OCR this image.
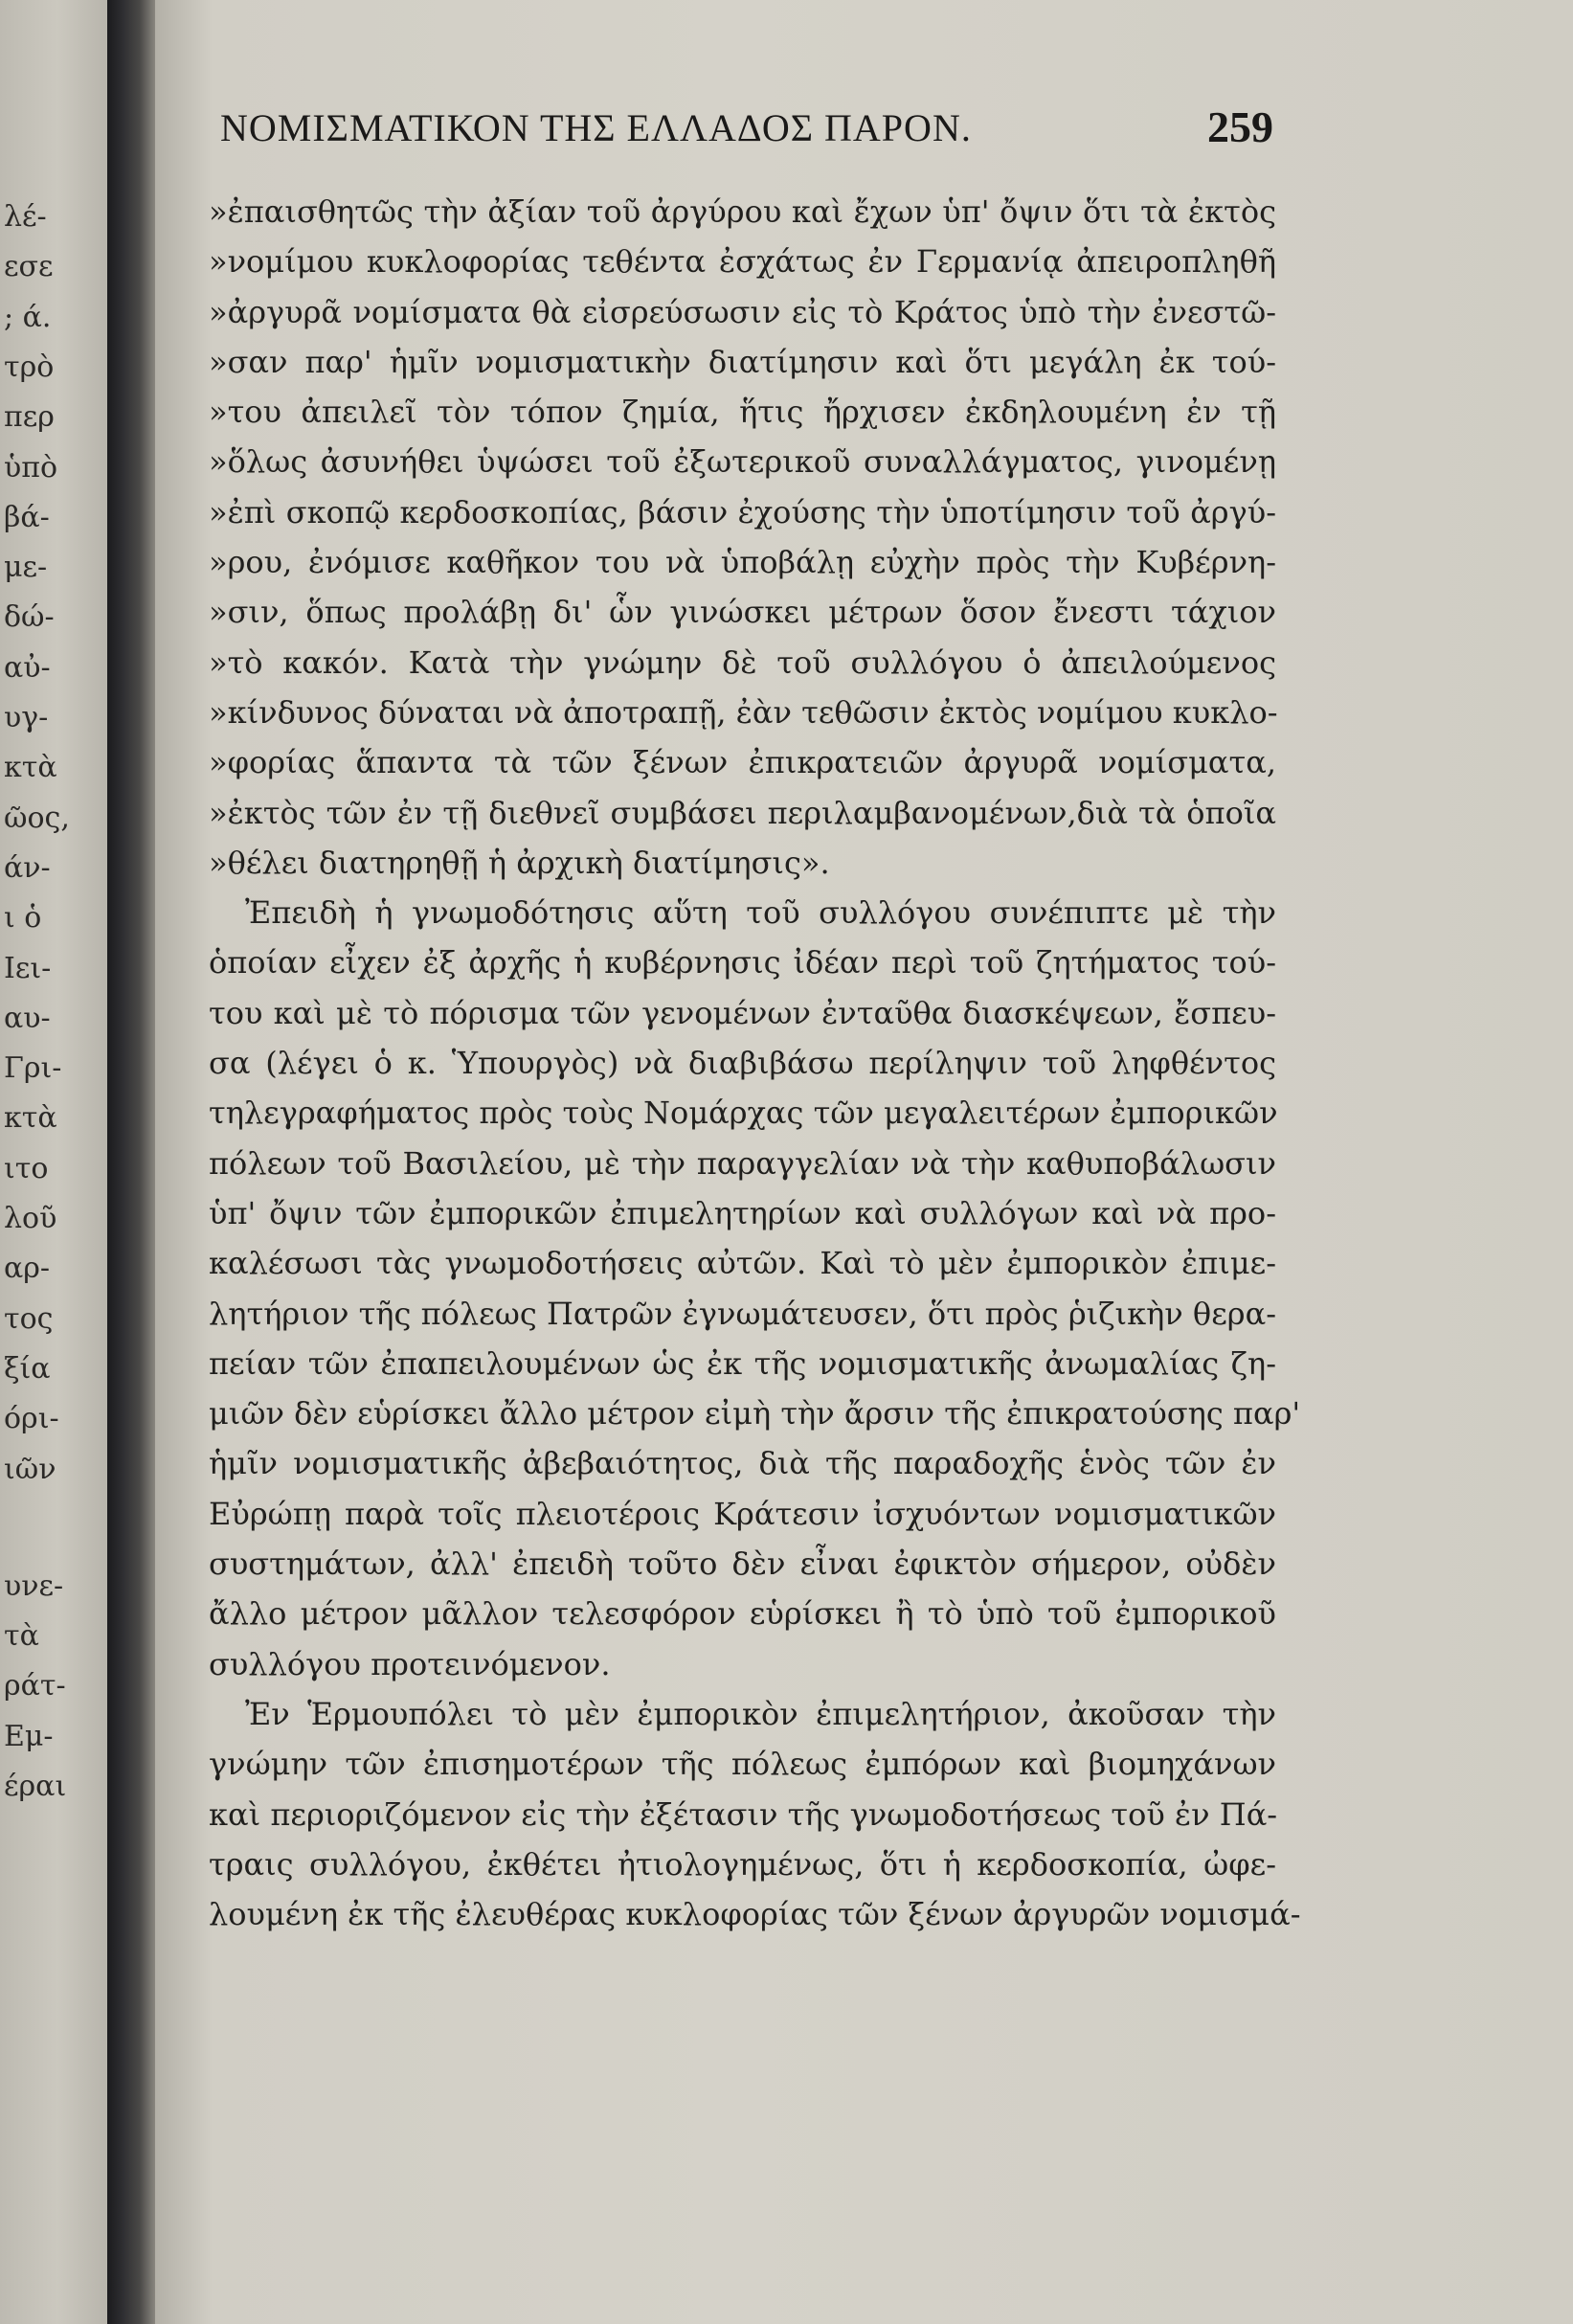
λέ-
εσε
; ά.
τρὸ
περ
ὑπὸ
βά-
με-
δώ-
αὐ-
υγ-
κτὰ
ῶος,
άν-
ι ὁ
Ιει-
αυ-
Γρι-
κτὰ
ιτο
λοῦ
αρ-
τος
ξία
όρι-
ιῶν
υνε-
τὰ
ράτ-
Εμ-
έραι
ΝΟΜΙΣΜΑΤΙΚΟΝ ΤΗΣ ΕΛΛΑΔΟΣ ΠΑΡΟΝ.	259
»ἐπαισθητῶς τὴν ἀξίαν τοῦ ἀργύρου καὶ ἔχων ὑπ' ὄψιν ὅτι τὰ ἐκτὸς
»νομίμου κυκλοφορίας τεθέντα ἐσχάτως ἐν Γερμανίᾳ ἀπειροπληθῆ
»ἀργυρᾶ νομίσματα θὰ εἰσρεύσωσιν εἰς τὸ Κράτος ὑπὸ τὴν ἐνεστῶ-
»σαν παρ' ἡμῖν νομισματικὴν διατίμησιν καὶ ὅτι μεγάλη ἐκ τού-
»του ἀπειλεῖ τὸν τόπον ζημία, ἥτις ἤρχισεν ἐκδηλουμένη ἐν τῇ
»ὅλως ἀσυνήθει ὑψώσει τοῦ ἐξωτερικοῦ συναλλάγματος, γινομένῃ
»ἐπὶ σκοπῷ κερδοσκοπίας, βάσιν ἐχούσης τὴν ὑποτίμησιν τοῦ ἀργύ-
»ρου, ἐνόμισε καθῆκον του νὰ ὑποβάλῃ εὐχὴν πρὸς τὴν Κυβέρνη-
»σιν, ὅπως προλάβῃ δι' ὧν γινώσκει μέτρων ὅσον ἔνεστι τάχιον
»τὸ κακόν. Κατὰ τὴν γνώμην δὲ τοῦ συλλόγου ὁ ἀπειλούμενος
»κίνδυνος δύναται νὰ ἀποτραπῇ, ἐὰν τεθῶσιν ἐκτὸς νομίμου κυκλο-
»φορίας ἅπαντα τὰ τῶν ξένων ἐπικρατειῶν ἀργυρᾶ νομίσματα,
»ἐκτὸς τῶν ἐν τῇ διεθνεῖ συμβάσει περιλαμβανομένων,διὰ τὰ ὁποῖα
»θέλει διατηρηθῇ ἡ ἀρχικὴ διατίμησις».
Ἐπειδὴ ἡ γνωμοδότησις αὕτη τοῦ συλλόγου συνέπιπτε μὲ τὴν
ὁποίαν εἶχεν ἐξ ἀρχῆς ἡ κυβέρνησις ἰδέαν περὶ τοῦ ζητήματος τού-
του καὶ μὲ τὸ πόρισμα τῶν γενομένων ἐνταῦθα διασκέψεων, ἔσπευ-
σα (λέγει ὁ κ. Ὑπουργὸς) νὰ διαβιβάσω περίληψιν τοῦ ληφθέντος
τηλεγραφήματος πρὸς τοὺς Νομάρχας τῶν μεγαλειτέρων ἐμπορικῶν
πόλεων τοῦ Βασιλείου, μὲ τὴν παραγγελίαν νὰ τὴν καθυποβάλωσιν
ὑπ' ὄψιν τῶν ἐμπορικῶν ἐπιμελητηρίων καὶ συλλόγων καὶ νὰ προ-
καλέσωσι τὰς γνωμοδοτήσεις αὐτῶν. Καὶ τὸ μὲν ἐμπορικὸν ἐπιμε-
λητήριον τῆς πόλεως Πατρῶν ἐγνωμάτευσεν, ὅτι πρὸς ῥιζικὴν θερα-
πείαν τῶν ἐπαπειλουμένων ὡς ἐκ τῆς νομισματικῆς ἀνωμαλίας ζη-
μιῶν δὲν εὑρίσκει ἄλλο μέτρον εἰμὴ τὴν ἄρσιν τῆς ἐπικρατούσης παρ'
ἡμῖν νομισματικῆς ἀβεβαιότητος, διὰ τῆς παραδοχῆς ἑνὸς τῶν ἐν
Εὐρώπῃ παρὰ τοῖς πλειοτέροις Κράτεσιν ἰσχυόντων νομισματικῶν
συστημάτων, ἀλλ' ἐπειδὴ τοῦτο δὲν εἶναι ἐφικτὸν σήμερον, οὐδὲν
ἄλλο μέτρον μᾶλλον τελεσφόρον εὑρίσκει ἢ τὸ ὑπὸ τοῦ ἐμπορικοῦ
συλλόγου προτεινόμενον.
Ἐν Ἑρμουπόλει τὸ μὲν ἐμπορικὸν ἐπιμελητήριον, ἀκοῦσαν τὴν
γνώμην τῶν ἐπισημοτέρων τῆς πόλεως ἐμπόρων καὶ βιομηχάνων
καὶ περιοριζόμενον εἰς τὴν ἐξέτασιν τῆς γνωμοδοτήσεως τοῦ ἐν Πά-
τραις συλλόγου, ἐκθέτει ἠτιολογημένως, ὅτι ἡ κερδοσκοπία, ὠφε-
λουμένη ἐκ τῆς ἐλευθέρας κυκλοφορίας τῶν ξένων ἀργυρῶν νομισμά-
